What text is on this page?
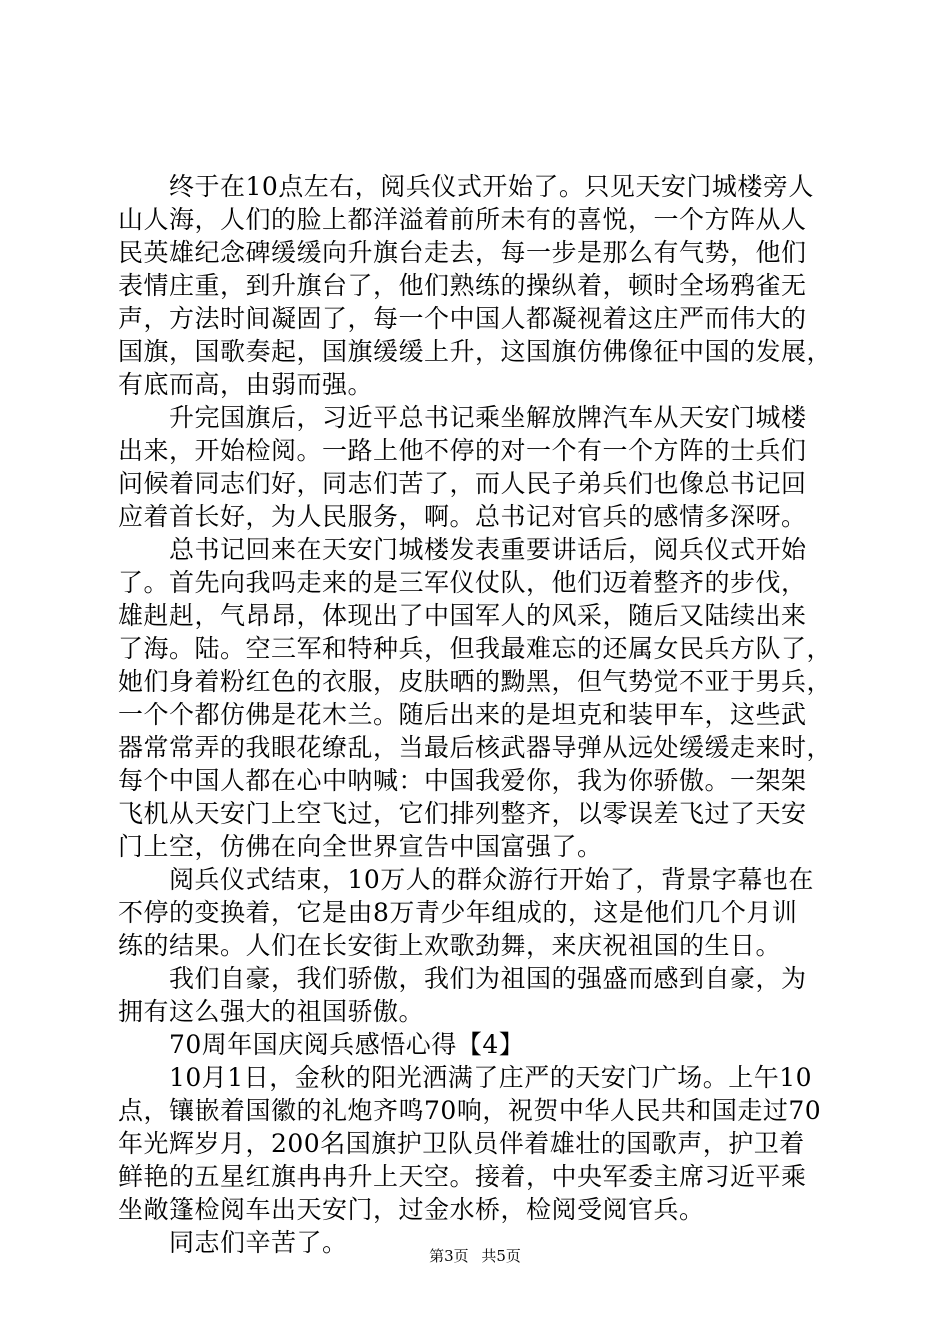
　　终于在10点左右，阅兵仪式开始了。只见天安门城楼旁人
山人海，人们的脸上都洋溢着前所未有的喜悦，一个方阵从人
民英雄纪念碑缓缓向升旗台走去，每一步是那么有气势，他们
表情庄重，到升旗台了，他们熟练的操纵着，顿时全场鸦雀无
声，方法时间凝固了，每一个中国人都凝视着这庄严而伟大的
国旗，国歌奏起，国旗缓缓上升，这国旗仿佛像征中国的发展，
有底而高，由弱而强。
　　升完国旗后，习近平总书记乘坐解放牌汽车从天安门城楼
出来，开始检阅。一路上他不停的对一个有一个方阵的士兵们
问候着同志们好，同志们苦了，而人民子弟兵们也像总书记回
应着首长好，为人民服务，啊。总书记对官兵的感情多深呀。
　　总书记回来在天安门城楼发表重要讲话后，阅兵仪式开始
了。首先向我吗走来的是三军仪仗队，他们迈着整齐的步伐，
雄赳赳，气昂昂，体现出了中国军人的风采，随后又陆续出来
了海。陆。空三军和特种兵，但我最难忘的还属女民兵方队了，
她们身着粉红色的衣服，皮肤晒的黝黑，但气势觉不亚于男兵，
一个个都仿佛是花木兰。随后出来的是坦克和装甲车，这些武
器常常弄的我眼花缭乱，当最后核武器导弹从远处缓缓走来时，
每个中国人都在心中呐喊：中国我爱你，我为你骄傲。一架架
飞机从天安门上空飞过，它们排列整齐，以零误差飞过了天安
门上空，仿佛在向全世界宣告中国富强了。
　　阅兵仪式结束，10万人的群众游行开始了，背景字幕也在
不停的变换着，它是由8万青少年组成的，这是他们几个月训
练的结果。人们在长安街上欢歌劲舞，来庆祝祖国的生日。
　　我们自豪，我们骄傲，我们为祖国的强盛而感到自豪，为
拥有这么强大的祖国骄傲。
　　70周年国庆阅兵感悟心得【4】
　　10月1日，金秋的阳光洒满了庄严的天安门广场。上午10
点，镶嵌着国徽的礼炮齐鸣70响，祝贺中华人民共和国走过70
年光辉岁月，200名国旗护卫队员伴着雄壮的国歌声，护卫着
鲜艳的五星红旗冉冉升上天空。接着，中央军委主席习近平乘
坐敞篷检阅车出天安门，过金水桥，检阅受阅官兵。
　　同志们辛苦了。	第3页 共5页
